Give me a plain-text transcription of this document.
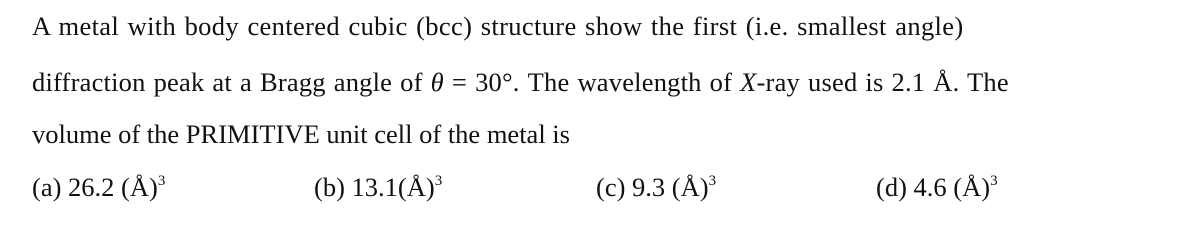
A metal with body centered cubic (bcc) structure show the first (i.e. smallest angle)
diffraction peak at a Bragg angle of θ = 30°. The wavelength of X-ray used is 2.1 Å. The
volume of the PRIMITIVE unit cell of the metal is
(a) 26.2 (Å)$^3$	(b) 13.1(Å)$^3$	(c) 9.3 (Å)$^3$	(d) 4.6 (Å)$^3$
